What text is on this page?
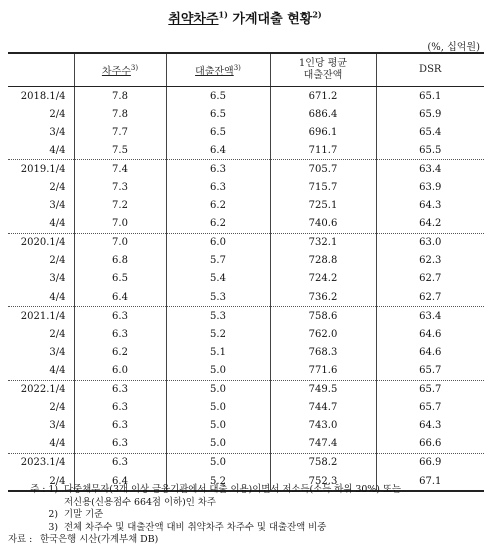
취약차주$^{1)}$ 가계대출 현황$^{2)}$
(%, 십억원)
	차주수$^{3)}$	대출잔액$^{3)}$	1인당 평균
대출잔액	DSR
2018.1/4	7.8	6.5	671.2	65.1
2/4	7.8	6.5	686.4	65.9
3/4	7.7	6.5	696.1	65.4
4/4	7.5	6.4	711.7	65.5
2019.1/4	7.4	6.3	705.7	63.4
2/4	7.3	6.3	715.7	63.9
3/4	7.2	6.2	725.1	64.3
4/4	7.0	6.2	740.6	64.2
2020.1/4	7.0	6.0	732.1	63.0
2/4	6.8	5.7	728.8	62.3
3/4	6.5	5.4	724.2	62.7
4/4	6.4	5.3	736.2	62.7
2021.1/4	6.3	5.3	758.6	63.4
2/4	6.3	5.2	762.0	64.6
3/4	6.2	5.1	768.3	64.6
4/4	6.0	5.0	771.6	65.7
2022.1/4	6.3	5.0	749.5	65.7
2/4	6.3	5.0	744.7	65.7
3/4	6.3	5.0	743.0	64.3
4/4	6.3	5.0	747.4	66.6
2023.1/4	6.3	5.0	758.2	66.9
2/4	6.4	5.2	752.3	67.1
주 : 1) 다중채무자(3개 이상 금융기관에서 대출 이용)이면서 저소득(소득 하위 30%) 또는
저신용(신용점수 664점 이하)인 차주
2) 기말 기준
3) 전체 차주수 및 대출잔액 대비 취약차주 차주수 및 대출잔액 비중
자료 : 한국은행 시산(가계부채 DB)
